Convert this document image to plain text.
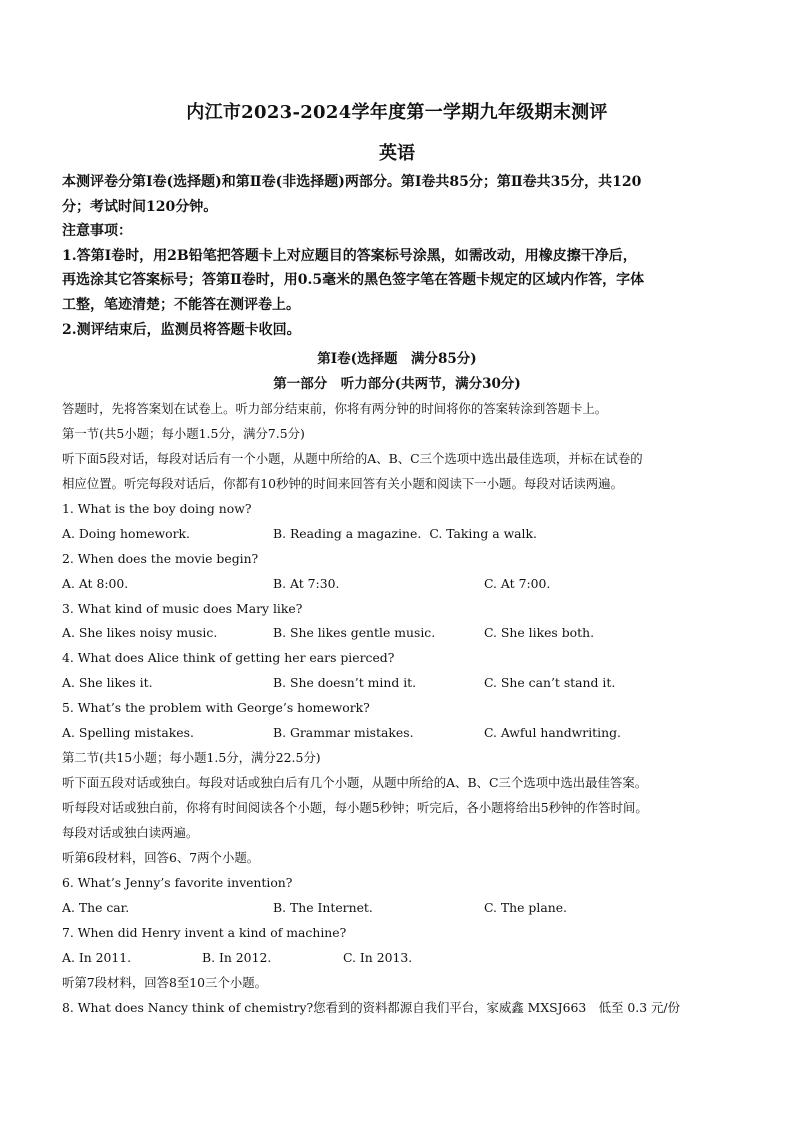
内江市2023-2024学年度第一学期九年级期末测评
英语

本测评卷分第Ⅰ卷(选择题)和第Ⅱ卷(非选择题)两部分。第Ⅰ卷共85分；第Ⅱ卷共35分，共120

分；考试时间120分钟。

注意事项：

1.答第Ⅰ卷时，用2B铅笔把答题卡上对应题目的答案标号涂黑，如需改动，用橡皮擦干净后，

再选涂其它答案标号；答第Ⅱ卷时，用0.5毫米的黑色签字笔在答题卡规定的区域内作答，字体

工整，笔迹清楚；不能答在测评卷上。

2.测评结束后，监测员将答题卡收回。

第Ⅰ卷(选择题　满分85分)
第一部分　听力部分(共两节，满分30分)
答题时，先将答案划在试卷上。听力部分结束前，你将有两分钟的时间将你的答案转涂到答题卡上。
第一节(共5小题；每小题1.5分，满分7.5分)
听下面5段对话，每段对话后有一个小题，从题中所给的A、B、C三个选项中选出最佳选项，并标在试卷的
相应位置。听完每段对话后，你都有10秒钟的时间来回答有关小题和阅读下一小题。每段对话读两遍。
1. What is the boy doing now?
A. Doing homework.	B. Reading a magazine. C. Taking a walk.
2. When does the movie begin?
A. At 8:00.	B. At 7:30.	C. At 7:00.
3. What kind of music does Mary like?
A. She likes noisy music.	B. She likes gentle music.	C. She likes both.
4. What does Alice think of getting her ears pierced?
A. She likes it.	B. She doesn’t mind it.	C. She can’t stand it.
5. What’s the problem with George’s homework?
A. Spelling mistakes.	B. Grammar mistakes.	C. Awful handwriting.
第二节(共15小题；每小题1.5分，满分22.5分)
听下面五段对话或独白。每段对话或独白后有几个小题，从题中所给的A、B、C三个选项中选出最佳答案。
听每段对话或独白前，你将有时间阅读各个小题，每小题5秒钟；听完后，各小题将给出5秒钟的作答时间。
每段对话或独白读两遍。
听第6段材料，回答6、7两个小题。
6. What’s Jenny’s favorite invention?
A. The car.	B. The Internet.	C. The plane.
7. When did Henry invent a kind of machine?
A. In 2011.	B. In 2012.	C. In 2013.
听第7段材料，回答8至10三个小题。
8. What does Nancy think of chemistry?您看到的资料都源自我们平台，家威鑫 MXSJ663　低至 0.3 元/份
